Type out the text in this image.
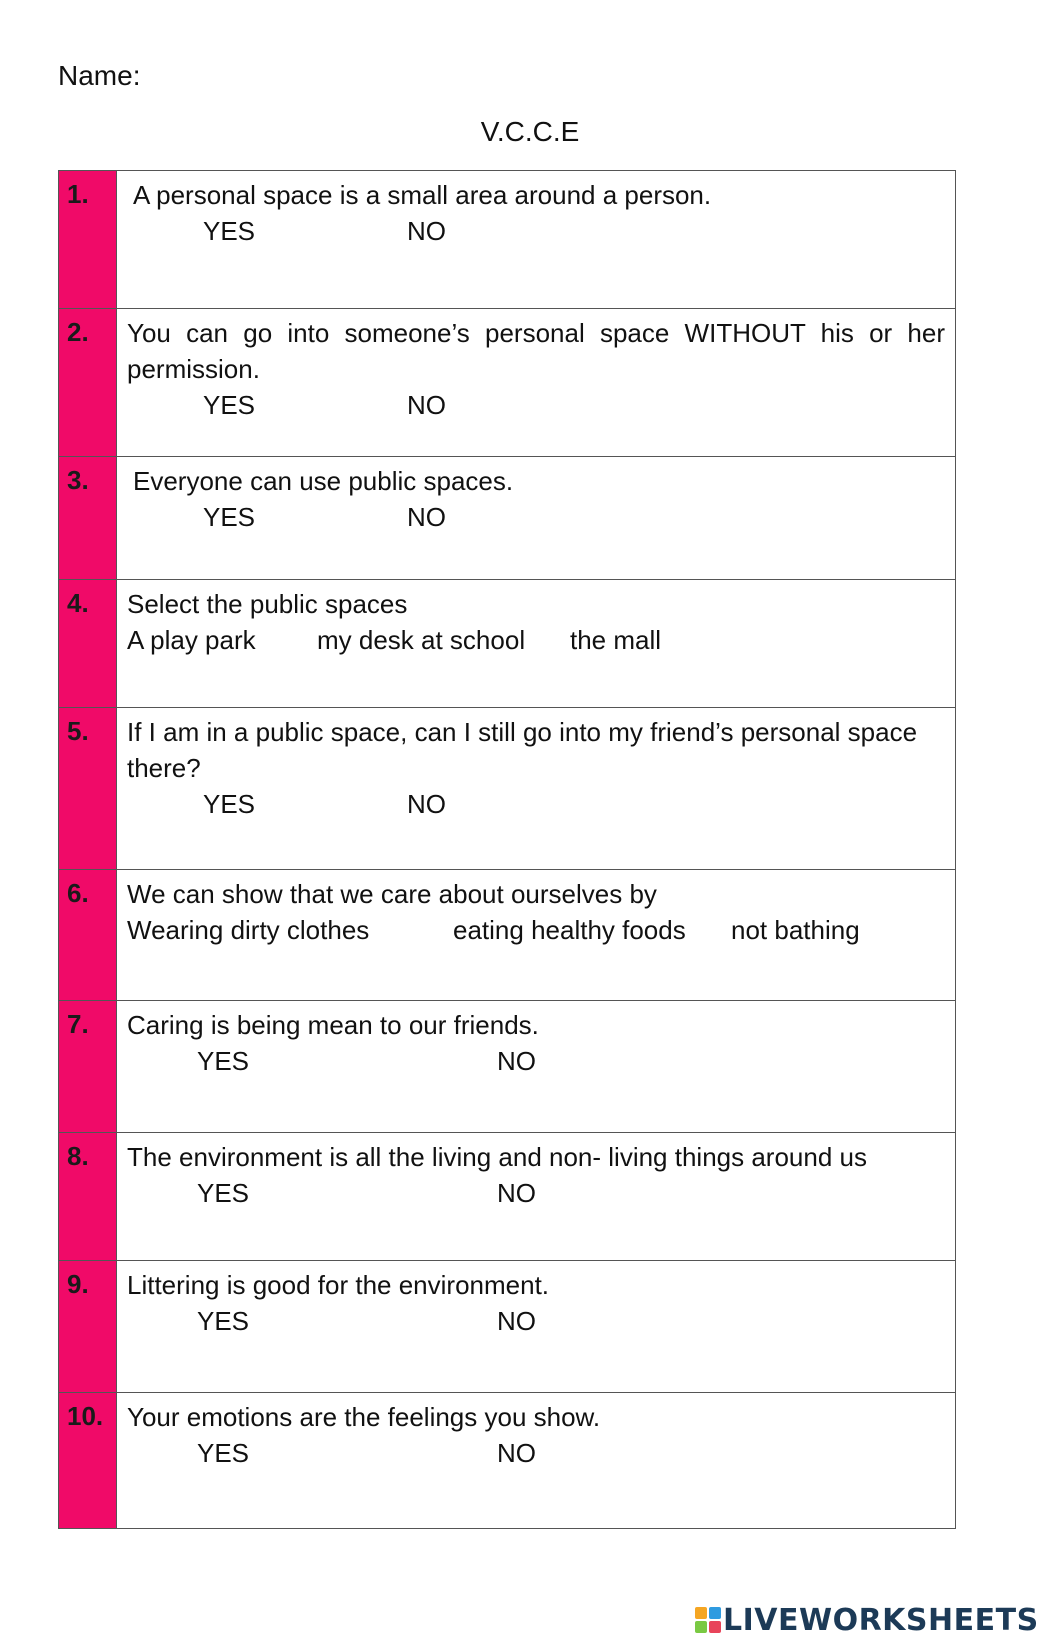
Name:
V.C.C.E
1.	A personal space is a small area around a person.
YES NO

2.	You can go into someone’s personal space WITHOUT his or her permission.
YES NO

3.	Everyone can use public spaces.
YES NO

4.	Select the public spaces
A play park my desk at school the mall

5.	If I am in a public space, can I still go into my friend’s personal space there?
YES NO

6.	We can show that we care about ourselves by
Wearing dirty clothes eating healthy foods not bathing

7.	Caring is being mean to our friends.
YES NO

8.	The environment is all the living and non- living things around us
YES NO

9.	Littering is good for the environment.
YES NO

10.	Your emotions are the feelings you show.
YES NO
LIVEWORKSHEETS
